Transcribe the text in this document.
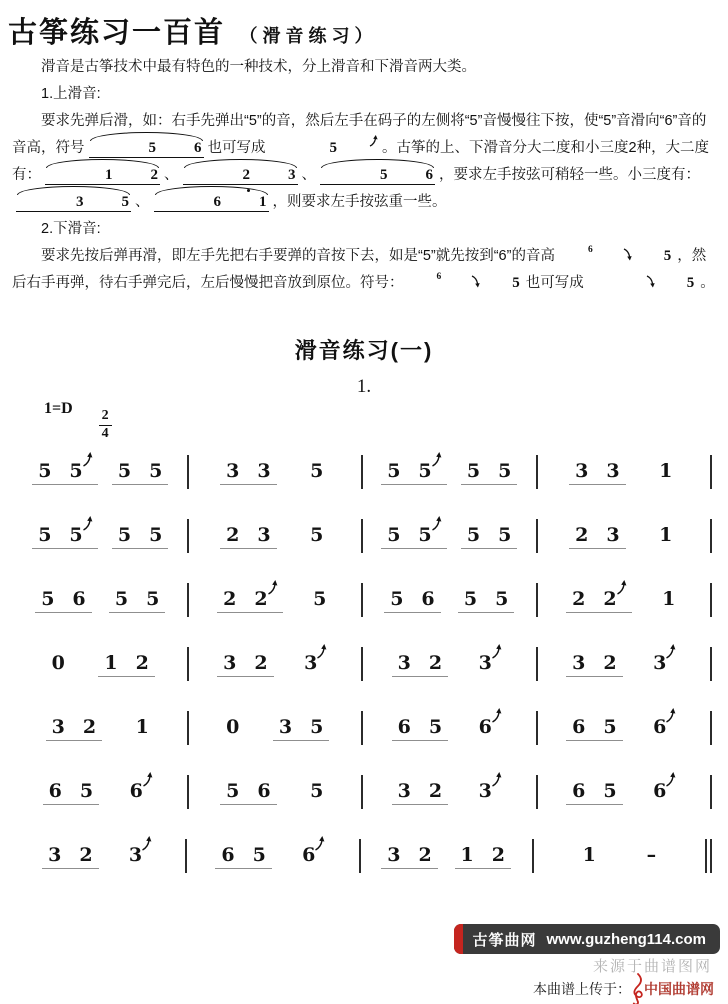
古筝练习一百首 （滑音练习）

滑音是古筝技术中最有特色的一种技术，分上滑音和下滑音两大类。

1.上滑音:

要求先弹后滑，如：右手先弹出“5”的音，然后左手在码子的左侧将“5”音慢慢往下按，使“5”音滑向“6”音的音高，符号	5 	6 也可写成	5	。古筝的上、下滑音分大二度和小三度2种，大二度有：	1 	2 、	2 	3 、	5 	6 ，要求左手按弦可稍轻一些。小三度有：3 	5 、	6 	1 ，则要求左手按弦重一些。

2.下滑音:

要求先按后弹再滑，即左手先把右手要弹的音按下去，如是“5”就先按到“6”的音高	$^6$	5 ，然后右手再弹，待右手弹完后，左后慢慢把音放到原位。符号：	$^6$	5 也可写成	5 。

滑音练习(一)
1.
1=D
$\frac{2}{4}$
5 5 5 5	3 3 5	5 5 5 5	3 3 1
5 5 5 5	2 3 5	5 5 5 5	2 3 1
5 6 5 5	2 2 5	5 6 5 5	2 2 1
0 1 2	3 2 3	3 2 3	3 2 3
3 2 1	0 3 5	6 5 6	6 5 6
6 5 6	5 6 5	3 2 3	6 5 6
3 2 3	6 5 6	3 2 1 2	1	–
古筝曲网 www.guzheng114.com
来源于曲谱图网
本曲谱上传于： 中国曲谱网
